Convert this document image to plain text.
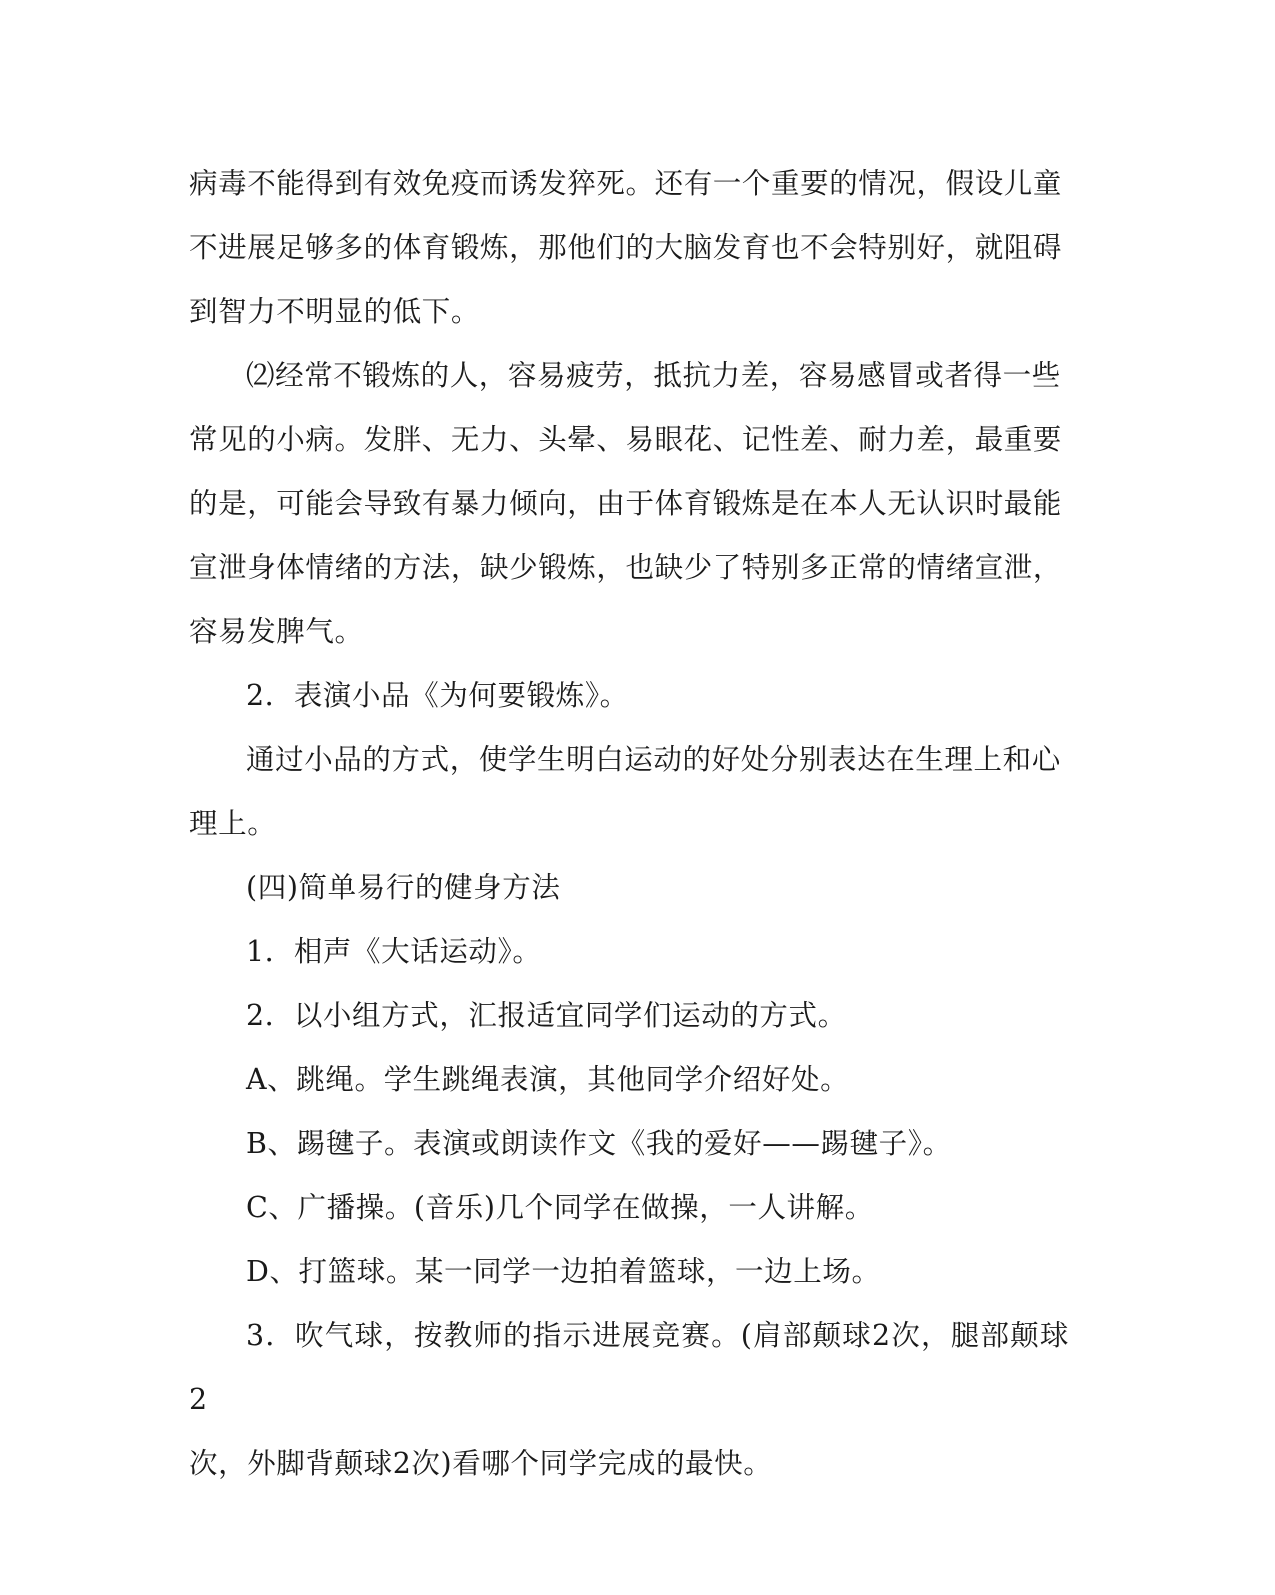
病毒不能得到有效免疫而诱发猝死。还有一个重要的情况，假设儿童
不进展足够多的体育锻炼，那他们的大脑发育也不会特别好，就阻碍
到智力不明显的低下。
⑵经常不锻炼的人，容易疲劳，抵抗力差，容易感冒或者得一些
常见的小病。发胖、无力、头晕、易眼花、记性差、耐力差，最重要
的是，可能会导致有暴力倾向，由于体育锻炼是在本人无认识时最能
宣泄身体情绪的方法，缺少锻炼，也缺少了特别多正常的情绪宣泄，
容易发脾气。
2．表演小品《为何要锻炼》。
通过小品的方式，使学生明白运动的好处分别表达在生理上和心
理上。
(四)简单易行的健身方法
1．相声《大话运动》。
2．以小组方式，汇报适宜同学们运动的方式。
A、跳绳。学生跳绳表演，其他同学介绍好处。
B、踢毽子。表演或朗读作文《我的爱好——踢毽子》。
C、广播操。(音乐)几个同学在做操，一人讲解。
D、打篮球。某一同学一边拍着篮球，一边上场。
3．吹气球，按教师的指示进展竞赛。(肩部颠球2次，腿部颠球2
次，外脚背颠球2次)看哪个同学完成的最快。
